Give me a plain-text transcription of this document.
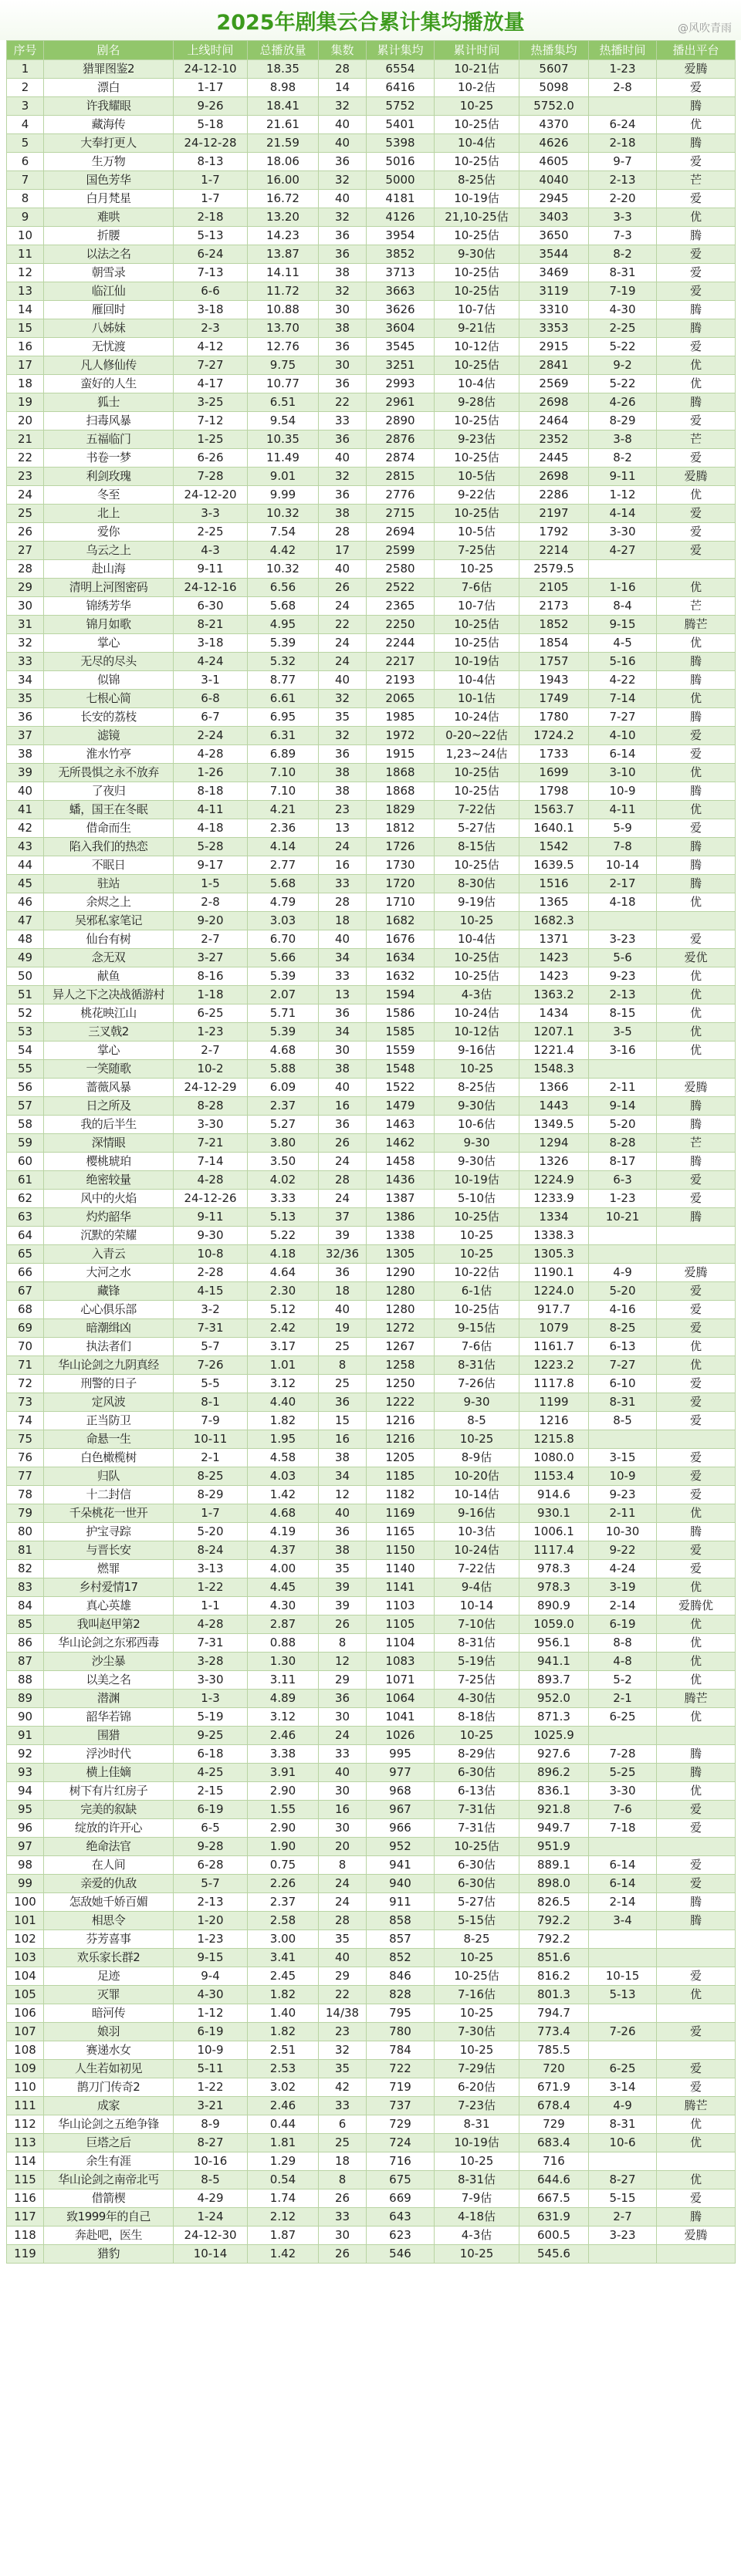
2025年剧集云合累计集均播放量	@风吹青雨
序号	剧名	上线时间	总播放量	集数	累计集均	累计时间	热播集均	热播时间	播出平台
1	猎罪图鉴2	24-12-10	18.35	28	6554	10-21估	5607	1-23	爱腾
2	漂白	1-17	8.98	14	6416	10-2估	5098	2-8	爱
3	许我耀眼	9-26	18.41	32	5752	10-25	5752.0		腾
4	藏海传	5-18	21.61	40	5401	10-25估	4370	6-24	优
5	大奉打更人	24-12-28	21.59	40	5398	10-4估	4626	2-18	腾
6	生万物	8-13	18.06	36	5016	10-25估	4605	9-7	爱
7	国色芳华	1-7	16.00	32	5000	8-25估	4040	2-13	芒
8	白月梵星	1-7	16.72	40	4181	10-19估	2945	2-20	爱
9	难哄	2-18	13.20	32	4126	21,10-25估	3403	3-3	优
10	折腰	5-13	14.23	36	3954	10-25估	3650	7-3	腾
11	以法之名	6-24	13.87	36	3852	9-30估	3544	8-2	爱
12	朝雪录	7-13	14.11	38	3713	10-25估	3469	8-31	爱
13	临江仙	6-6	11.72	32	3663	10-25估	3119	7-19	爱
14	雁回时	3-18	10.88	30	3626	10-7估	3310	4-30	腾
15	八姊妹	2-3	13.70	38	3604	9-21估	3353	2-25	腾
16	无忧渡	4-12	12.76	36	3545	10-12估	2915	5-22	爱
17	凡人修仙传	7-27	9.75	30	3251	10-25估	2841	9-2	优
18	蛮好的人生	4-17	10.77	36	2993	10-4估	2569	5-22	优
19	狐士	3-25	6.51	22	2961	9-28估	2698	4-26	腾
20	扫毒风暴	7-12	9.54	33	2890	10-25估	2464	8-29	爱
21	五福临门	1-25	10.35	36	2876	9-23估	2352	3-8	芒
22	书卷一梦	6-26	11.49	40	2874	10-25估	2445	8-2	爱
23	利剑玫瑰	7-28	9.01	32	2815	10-5估	2698	9-11	爱腾
24	冬至	24-12-20	9.99	36	2776	9-22估	2286	1-12	优
25	北上	3-3	10.32	38	2715	10-25估	2197	4-14	爱
26	爱你	2-25	7.54	28	2694	10-5估	1792	3-30	爱
27	乌云之上	4-3	4.42	17	2599	7-25估	2214	4-27	爱
28	赴山海	9-11	10.32	40	2580	10-25	2579.5		
29	清明上河图密码	24-12-16	6.56	26	2522	7-6估	2105	1-16	优
30	锦绣芳华	6-30	5.68	24	2365	10-7估	2173	8-4	芒
31	锦月如歌	8-21	4.95	22	2250	10-25估	1852	9-15	腾芒
32	掌心	3-18	5.39	24	2244	10-25估	1854	4-5	优
33	无尽的尽头	4-24	5.32	24	2217	10-19估	1757	5-16	腾
34	似锦	3-1	8.77	40	2193	10-4估	1943	4-22	腾
35	七根心简	6-8	6.61	32	2065	10-1估	1749	7-14	优
36	长安的荔枝	6-7	6.95	35	1985	10-24估	1780	7-27	腾
37	滤镜	2-24	6.31	32	1972	0-20~22估	1724.2	4-10	爱
38	淮水竹亭	4-28	6.89	36	1915	1,23~24估	1733	6-14	爱
39	无所畏惧之永不放弃	1-26	7.10	38	1868	10-25估	1699	3-10	优
40	了夜归	8-18	7.10	38	1868	10-25估	1798	10-9	腾
41	蟠，国王在冬眠	4-11	4.21	23	1829	7-22估	1563.7	4-11	优
42	借命而生	4-18	2.36	13	1812	5-27估	1640.1	5-9	爱
43	陷入我们的热恋	5-28	4.14	24	1726	8-15估	1542	7-8	腾
44	不眠日	9-17	2.77	16	1730	10-25估	1639.5	10-14	腾
45	驻站	1-5	5.68	33	1720	8-30估	1516	2-17	腾
46	余烬之上	2-8	4.79	28	1710	9-19估	1365	4-18	优
47	吴邪私家笔记	9-20	3.03	18	1682	10-25	1682.3		
48	仙台有树	2-7	6.70	40	1676	10-4估	1371	3-23	爱
49	念无双	3-27	5.66	34	1634	10-25估	1423	5-6	爱优
50	献鱼	8-16	5.39	33	1632	10-25估	1423	9-23	优
51	异人之下之决战循游村	1-18	2.07	13	1594	4-3估	1363.2	2-13	优
52	桃花映江山	6-25	5.71	36	1586	10-24估	1434	8-15	优
53	三叉戟2	1-23	5.39	34	1585	10-12估	1207.1	3-5	优
54	掌心	2-7	4.68	30	1559	9-16估	1221.4	3-16	优
55	一笑随歌	10-2	5.88	38	1548	10-25	1548.3		
56	蔷薇风暴	24-12-29	6.09	40	1522	8-25估	1366	2-11	爱腾
57	日之所及	8-28	2.37	16	1479	9-30估	1443	9-14	腾
58	我的后半生	3-30	5.27	36	1463	10-6估	1349.5	5-20	腾
59	深情眼	7-21	3.80	26	1462	9-30	1294	8-28	芒
60	樱桃琥珀	7-14	3.50	24	1458	9-30估	1326	8-17	腾
61	绝密较量	4-28	4.02	28	1436	10-19估	1224.9	6-3	爱
62	风中的火焰	24-12-26	3.33	24	1387	5-10估	1233.9	1-23	爱
63	灼灼韶华	9-11	5.13	37	1386	10-25估	1334	10-21	腾
64	沉默的荣耀	9-30	5.22	39	1338	10-25	1338.3		
65	入青云	10-8	4.18	32/36	1305	10-25	1305.3		
66	大河之水	2-28	4.64	36	1290	10-22估	1190.1	4-9	爱腾
67	藏锋	4-15	2.30	18	1280	6-1估	1224.0	5-20	爱
68	心心俱乐部	3-2	5.12	40	1280	10-25估	917.7	4-16	爱
69	暗潮缉凶	7-31	2.42	19	1272	9-15估	1079	8-25	爱
70	执法者们	5-7	3.17	25	1267	7-6估	1161.7	6-13	优
71	华山论剑之九阴真经	7-26	1.01	8	1258	8-31估	1223.2	7-27	优
72	刑警的日子	5-5	3.12	25	1250	7-26估	1117.8	6-10	爱
73	定风波	8-1	4.40	36	1222	9-30	1199	8-31	爱
74	正当防卫	7-9	1.82	15	1216	8-5	1216	8-5	爱
75	命悬一生	10-11	1.95	16	1216	10-25	1215.8		
76	白色橄榄树	2-1	4.58	38	1205	8-9估	1080.0	3-15	爱
77	归队	8-25	4.03	34	1185	10-20估	1153.4	10-9	爱
78	十二封信	8-29	1.42	12	1182	10-14估	914.6	9-23	爱
79	千朵桃花一世开	1-7	4.68	40	1169	9-16估	930.1	2-11	优
80	护宝寻踪	5-20	4.19	36	1165	10-3估	1006.1	10-30	腾
81	与晋长安	8-24	4.37	38	1150	10-24估	1117.4	9-22	爱
82	燃罪	3-13	4.00	35	1140	7-22估	978.3	4-24	爱
83	乡村爱情17	1-22	4.45	39	1141	9-4估	978.3	3-19	优
84	真心英雄	1-1	4.30	39	1103	10-14	890.9	2-14	爱腾优
85	我叫赵甲第2	4-28	2.87	26	1105	7-10估	1059.0	6-19	优
86	华山论剑之东邪西毒	7-31	0.88	8	1104	8-31估	956.1	8-8	优
87	沙尘暴	3-28	1.30	12	1083	5-19估	941.1	4-8	优
88	以美之名	3-30	3.11	29	1071	7-25估	893.7	5-2	优
89	潜渊	1-3	4.89	36	1064	4-30估	952.0	2-1	腾芒
90	韶华若锦	5-19	3.12	30	1041	8-18估	871.3	6-25	优
91	围猎	9-25	2.46	24	1026	10-25	1025.9		
92	浮沙时代	6-18	3.38	33	995	8-29估	927.6	7-28	腾
93	横上佳嫡	4-25	3.91	40	977	6-30估	896.2	5-25	腾
94	树下有片红房子	2-15	2.90	30	968	6-13估	836.1	3-30	优
95	完美的叙缺	6-19	1.55	16	967	7-31估	921.8	7-6	爱
96	绽放的许开心	6-5	2.90	30	966	7-31估	949.7	7-18	爱
97	绝命法官	9-28	1.90	20	952	10-25估	951.9		
98	在人间	6-28	0.75	8	941	6-30估	889.1	6-14	爱
99	亲爱的仇敌	5-7	2.26	24	940	6-30估	898.0	6-14	爱
100	怎敌她千娇百媚	2-13	2.37	24	911	5-27估	826.5	2-14	腾
101	相思令	1-20	2.58	28	858	5-15估	792.2	3-4	腾
102	芬芳喜事	1-23	3.00	35	857	8-25	792.2		
103	欢乐家长群2	9-15	3.41	40	852	10-25	851.6		
104	足迹	9-4	2.45	29	846	10-25估	816.2	10-15	爱
105	灭罪	4-30	1.82	22	828	7-16估	801.3	5-13	优
106	暗河传	1-12	1.40	14/38	795	10-25	794.7		
107	娘羽	6-19	1.82	23	780	7-30估	773.4	7-26	爱
108	赛递水女	10-9	2.51	32	784	10-25	785.5		
109	人生若如初见	5-11	2.53	35	722	7-29估	720	6-25	爱
110	鹊刀门传奇2	1-22	3.02	42	719	6-20估	671.9	3-14	爱
111	成家	3-21	2.46	33	737	7-23估	678.4	4-9	腾芒
112	华山论剑之五绝争锋	8-9	0.44	6	729	8-31	729	8-31	优
113	巨塔之后	8-27	1.81	25	724	10-19估	683.4	10-6	优
114	余生有涯	10-16	1.29	18	716	10-25	716		
115	华山论剑之南帝北丐	8-5	0.54	8	675	8-31估	644.6	8-27	优
116	借箭楔	4-29	1.74	26	669	7-9估	667.5	5-15	爱
117	致1999年的自己	1-24	2.12	33	643	4-18估	631.9	2-7	腾
118	奔赴吧，医生	24-12-30	1.87	30	623	4-3估	600.5	3-23	爱腾
119	猎豹	10-14	1.42	26	546	10-25	545.6		
